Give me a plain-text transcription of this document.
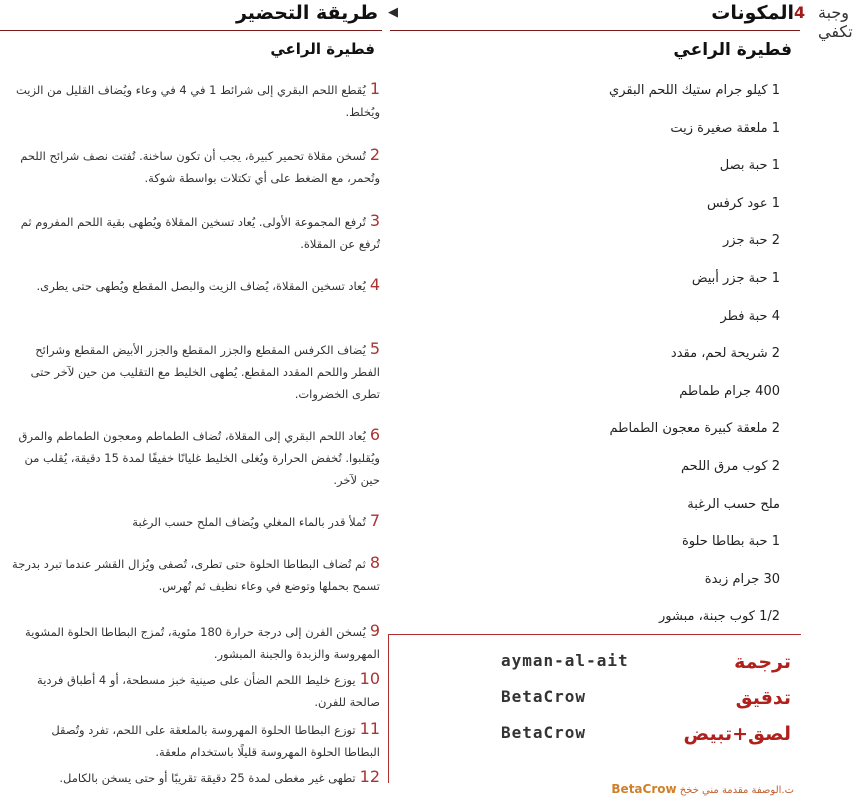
المكونات وجبة تكفي
4
طريقة التحضير ◀
فطيرة الراعي
فطيرة الراعي
1 كيلو جرام ستيك اللحم البقري
1 ملعقة صغيرة زيت
1 حبة بصل
1 عود كرفس
2 حبة جزر
1 حبة جزر أبيض
4 حبة فطر
2 شريحة لحم، مقدد
400 جرام طماطم
2 ملعقة كبيرة معجون الطماطم
2 كوب مرق اللحم
ملح حسب الرغبة
1 حبة بطاطا حلوة
30 جرام زبدة
1/2 كوب جبنة، مبشور
1يُقطع اللحم البقري إلى شرائط 1 في 4 في وعاء ويُضاف القليل من الزيت ويُخلط.
2تُسخن مقلاة تحمير كبيرة، يجب أن تكون ساخنة. تُفتت نصف شرائح اللحم وتُحمر، مع الضغط على أي تكتلات بواسطة شوكة.
3تُرفع المجموعة الأولى. يُعاد تسخين المقلاة ويُطهى بقية اللحم المفروم ثم تُرفع عن المقلاة.
4يُعاد تسخين المقلاة، يُضاف الزيت والبصل المقطع ويُطهى حتى يطرى.
5يُضاف الكرفس المقطع والجزر المقطع والجزر الأبيض المقطع وشرائح الفطر واللحم المقدد المقطع. يُطهى الخليط مع التقليب من حين لآخر حتى تطرى الخضروات.
6يُعاد اللحم البقري إلى المقلاة، تُضاف الطماطم ومعجون الطماطم والمرق ويُقلبوا. تُخفض الحرارة ويُغلى الخليط غليانًا خفيفًا لمدة 15 دقيقة، يُقلب من حين لآخر.
7تُملأ قدر بالماء المغلي ويُضاف الملح حسب الرغبة
8ثم تُضاف البطاطا الحلوة حتى تطرى، تُصفى ويُزال القشر عندما تبرد بدرجة تسمح بحملها وتوضع في وعاء نظيف ثم تُهرس.
9يُسخن الفرن إلى درجة حرارة 180 مئوية، تُمزج البطاطا الحلوة المشوية المهروسة والزبدة والجبنة المبشور.
10يوزع خليط اللحم الضأن على صينية خبز مسطحة، أو 4 أطباق فردية صالحة للفرن.
11توزع البطاطا الحلوة المهروسة بالملعقة على اللحم، تفرد وتُصقل البطاطا الحلوة المهروسة قليلًا باستخدام ملعقة.
12تطهى غير مغطى لمدة 25 دقيقة تقريبًا أو حتى يسخن بالكامل.
ترجمة
ayman-al-ait
تدقيق
BetaCrow
لصق+تبيض
BetaCrow
ت.الوصفة مقدمة مني خخخ BetaCrow
